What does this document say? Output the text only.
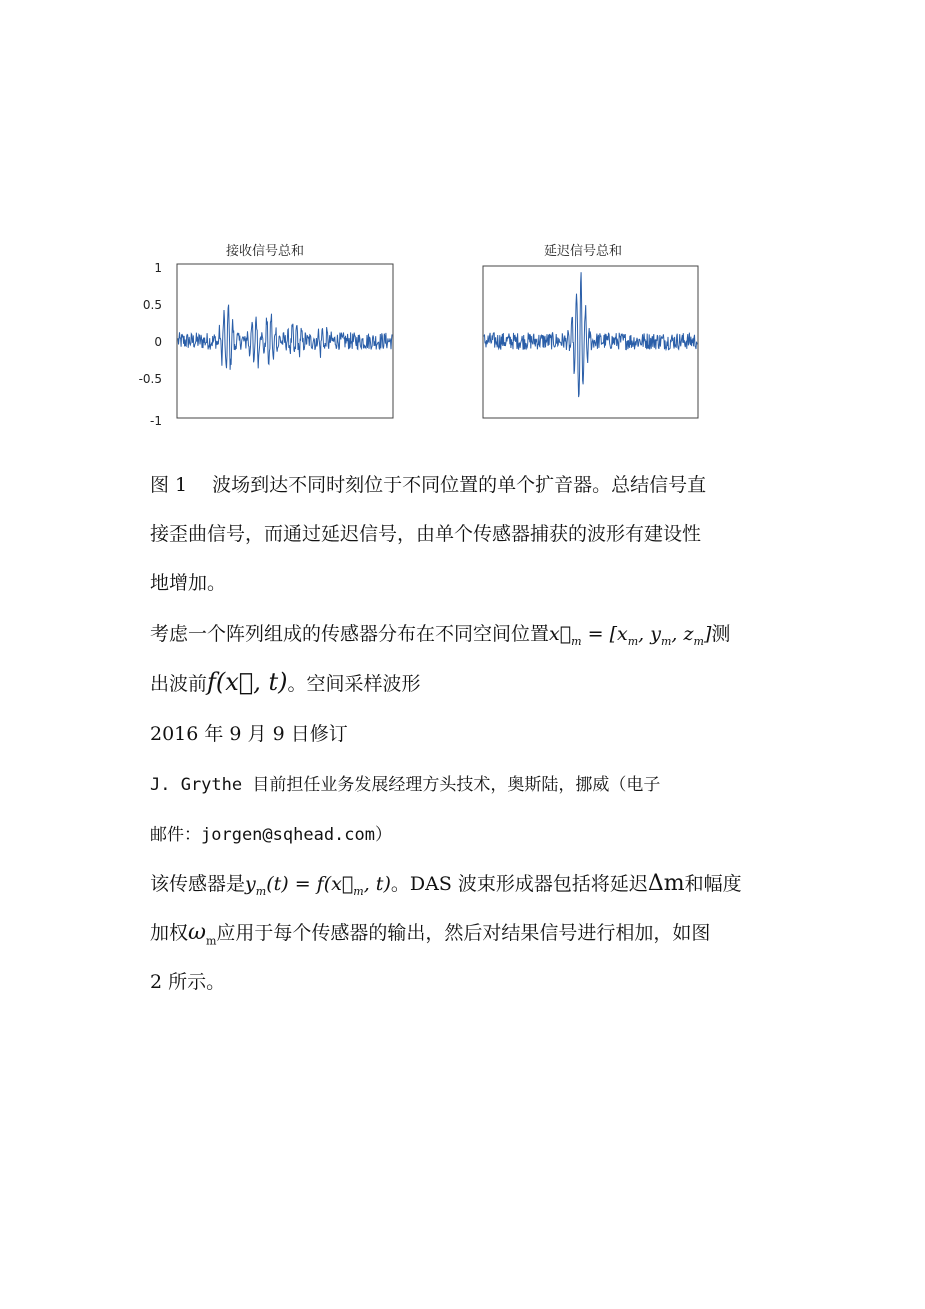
接收信号总和	延迟信号总和
1
0.5
0
-0.5
-1
图 1　 波场到达不同时刻位于不同位置的单个扩音器。总结信号直
接歪曲信号，而通过延迟信号，由单个传感器捕获的波形有建设性
地增加。
考虑一个阵列组成的传感器分布在不同空间位置$x⃗_m = [x_m$, $y_m$, $z_m$]测
出波前f(x⃗, t)。空间采样波形
2016 年 9 月 9 日修订
J. Grythe 目前担任业务发展经理方头技术，奥斯陆，挪威（电子
邮件：jorgen@sqhead.com）
该传感器是$y_m(t)$ = $f(x⃗_m$, t)。DAS 波束形成器包括将延迟Δm和幅度
加权$\omega_m$应用于每个传感器的输出，然后对结果信号进行相加，如图
2 所示。
